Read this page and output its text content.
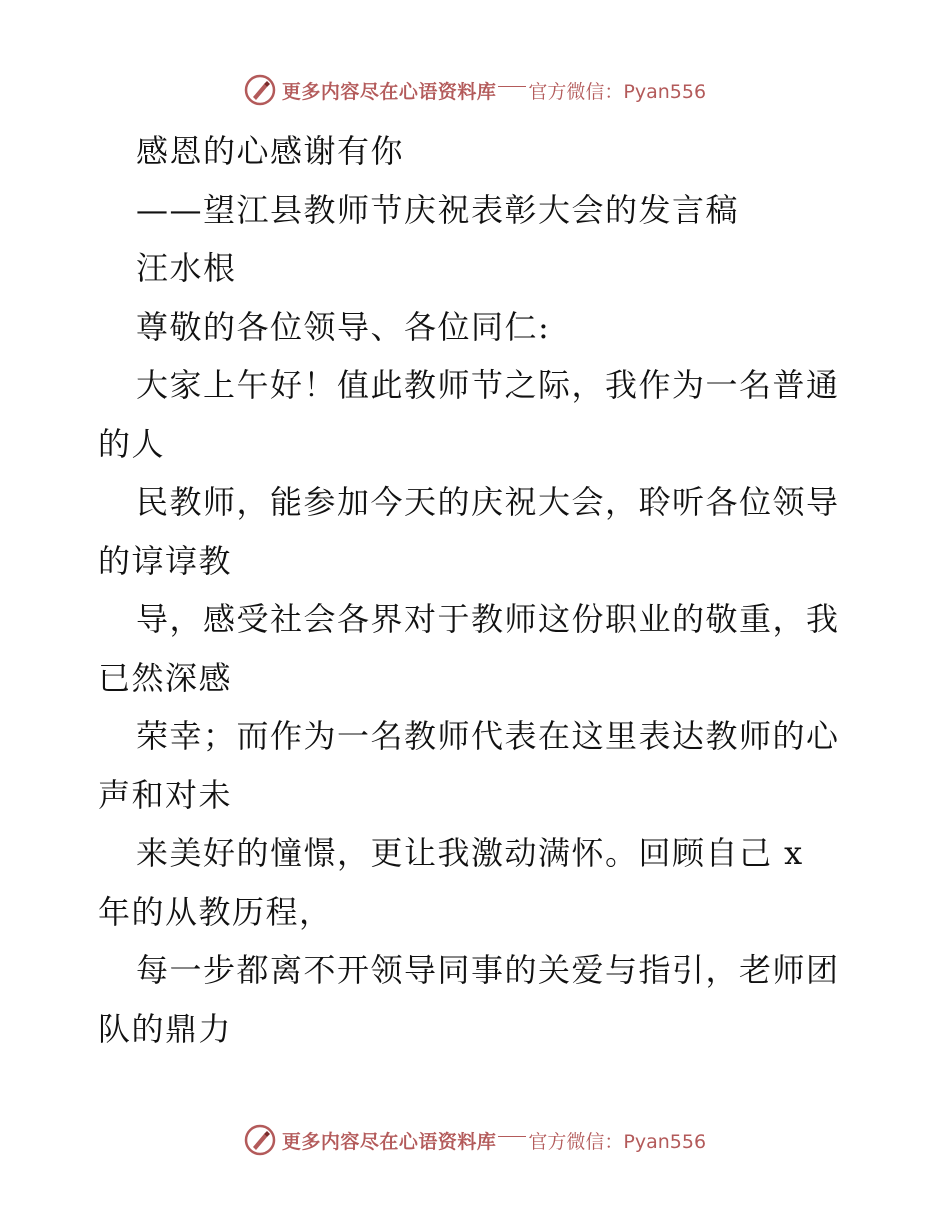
更多内容尽在心语资料库 官方微信：Pyan556
感恩的心感谢有你
——望江县教师节庆祝表彰大会的发言稿
汪水根
尊敬的各位领导、各位同仁:
大家上午好！值此教师节之际，我作为一名普通
的人
民教师，能参加今天的庆祝大会，聆听各位领导
的谆谆教
导，感受社会各界对于教师这份职业的敬重，我
已然深感
荣幸；而作为一名教师代表在这里表达教师的心
声和对未
来美好的憧憬，更让我激动满怀。回顾自己 x
年的从教历程，
每一步都离不开领导同事的关爱与指引，老师团
队的鼎力
更多内容尽在心语资料库 官方微信：Pyan556
